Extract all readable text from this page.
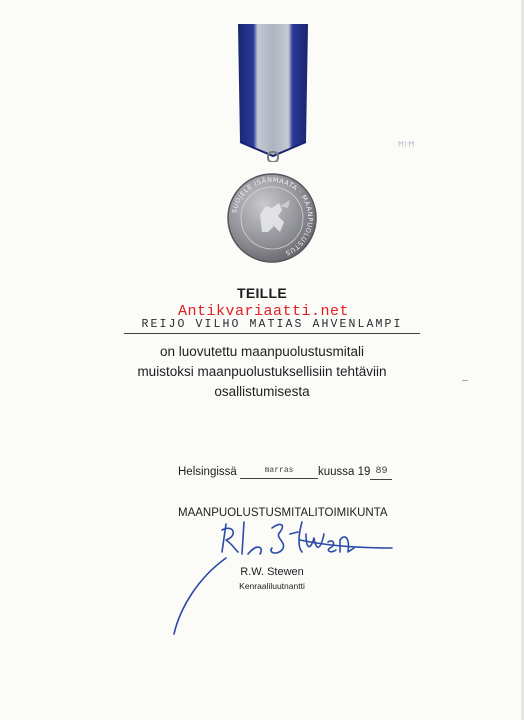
SUOJELE ISÄNMAATA · MAANPUOLUSTUS
ĦŀĦ
TEILLE
Antikvariaatti.net
REIJO VILHO MATIAS AHVENLAMPI
on luovutettu maanpuolustusmitali
muistoksi maanpuolustuksellisiin tehtäviin
osallistumisesta
Helsingissä	$^{marras}$ kuussa 19 89
MAANPUOLUSTUSMITALITOIMIKUNTA
R.W. Stewen
Kenraaliluutnantti
